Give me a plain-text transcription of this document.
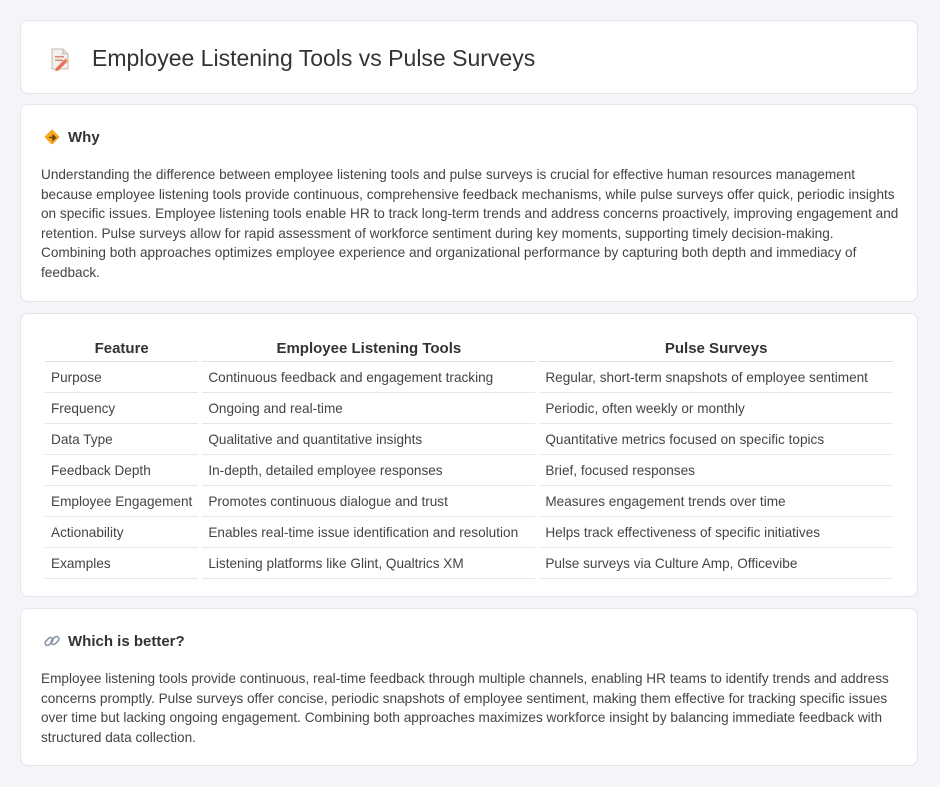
Employee Listening Tools vs Pulse Surveys
Why

Understanding the difference between employee listening tools and pulse surveys is crucial for effective human resources management because employee listening tools provide continuous, comprehensive feedback mechanisms, while pulse surveys offer quick, periodic insights on specific issues. Employee listening tools enable HR to track long-term trends and address concerns proactively, improving engagement and retention. Pulse surveys allow for rapid assessment of workforce sentiment during key moments, supporting timely decision-making. Combining both approaches optimizes employee experience and organizational performance by capturing both depth and immediacy of feedback.

Feature	Employee Listening Tools	Pulse Surveys
Purpose	Continuous feedback and engagement tracking	Regular, short-term snapshots of employee sentiment
Frequency	Ongoing and real-time	Periodic, often weekly or monthly
Data Type	Qualitative and quantitative insights	Quantitative metrics focused on specific topics
Feedback Depth	In-depth, detailed employee responses	Brief, focused responses
Employee Engagement	Promotes continuous dialogue and trust	Measures engagement trends over time
Actionability	Enables real-time issue identification and resolution	Helps track effectiveness of specific initiatives
Examples	Listening platforms like Glint, Qualtrics XM	Pulse surveys via Culture Amp, Officevibe
Which is better?

Employee listening tools provide continuous, real-time feedback through multiple channels, enabling HR teams to identify trends and address concerns promptly. Pulse surveys offer concise, periodic snapshots of employee sentiment, making them effective for tracking specific issues over time but lacking ongoing engagement. Combining both approaches maximizes workforce insight by balancing immediate feedback with structured data collection.
